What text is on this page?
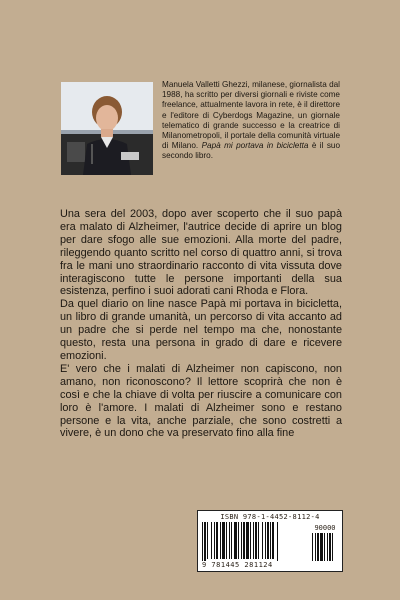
Manuela Valletti Ghezzi, milanese, giornalista dal 1988, ha scritto per diversi giornali e riviste come freelance, attualmente lavora in rete, è il direttore e l'editore di Cyberdogs Magazine, un giornale telematico di grande successo e la creatrice di Milanometropoli, il portale della comunità virtuale di Milano. Papà mi portava in bicicletta è il suo secondo libro.

Una sera del 2003, dopo aver scoperto che il suo papà era malato di Alzheimer, l'autrice decide di aprire un blog per dare sfogo alle sue emozioni. Alla morte del padre, rileggendo quanto scritto nel corso di quattro anni, si trova fra le mani uno straordinario racconto di vita vissuta dove interagiscono tutte le persone importanti della sua esistenza, perfino i suoi adorati cani Rhoda e Flora.

Da quel diario on line nasce Papà mi portava in bicicletta, un libro di grande umanità, un percorso di vita accanto ad un padre che si perde nel tempo ma che, nonostante questo, resta una persona in grado di dare e ricevere emozioni.

E' vero che i malati di Alzheimer non capiscono, non amano, non riconoscono? Il lettore scoprirà che non è così e che la chiave di volta per riuscire a comunicare con loro è l'amore. I malati di Alzheimer sono e restano persone e la vita, anche parziale, che sono costretti a vivere, è un dono che va preservato fino alla fine

ISBN 978-1-4452-8112-4
9 781445 281124
90000
